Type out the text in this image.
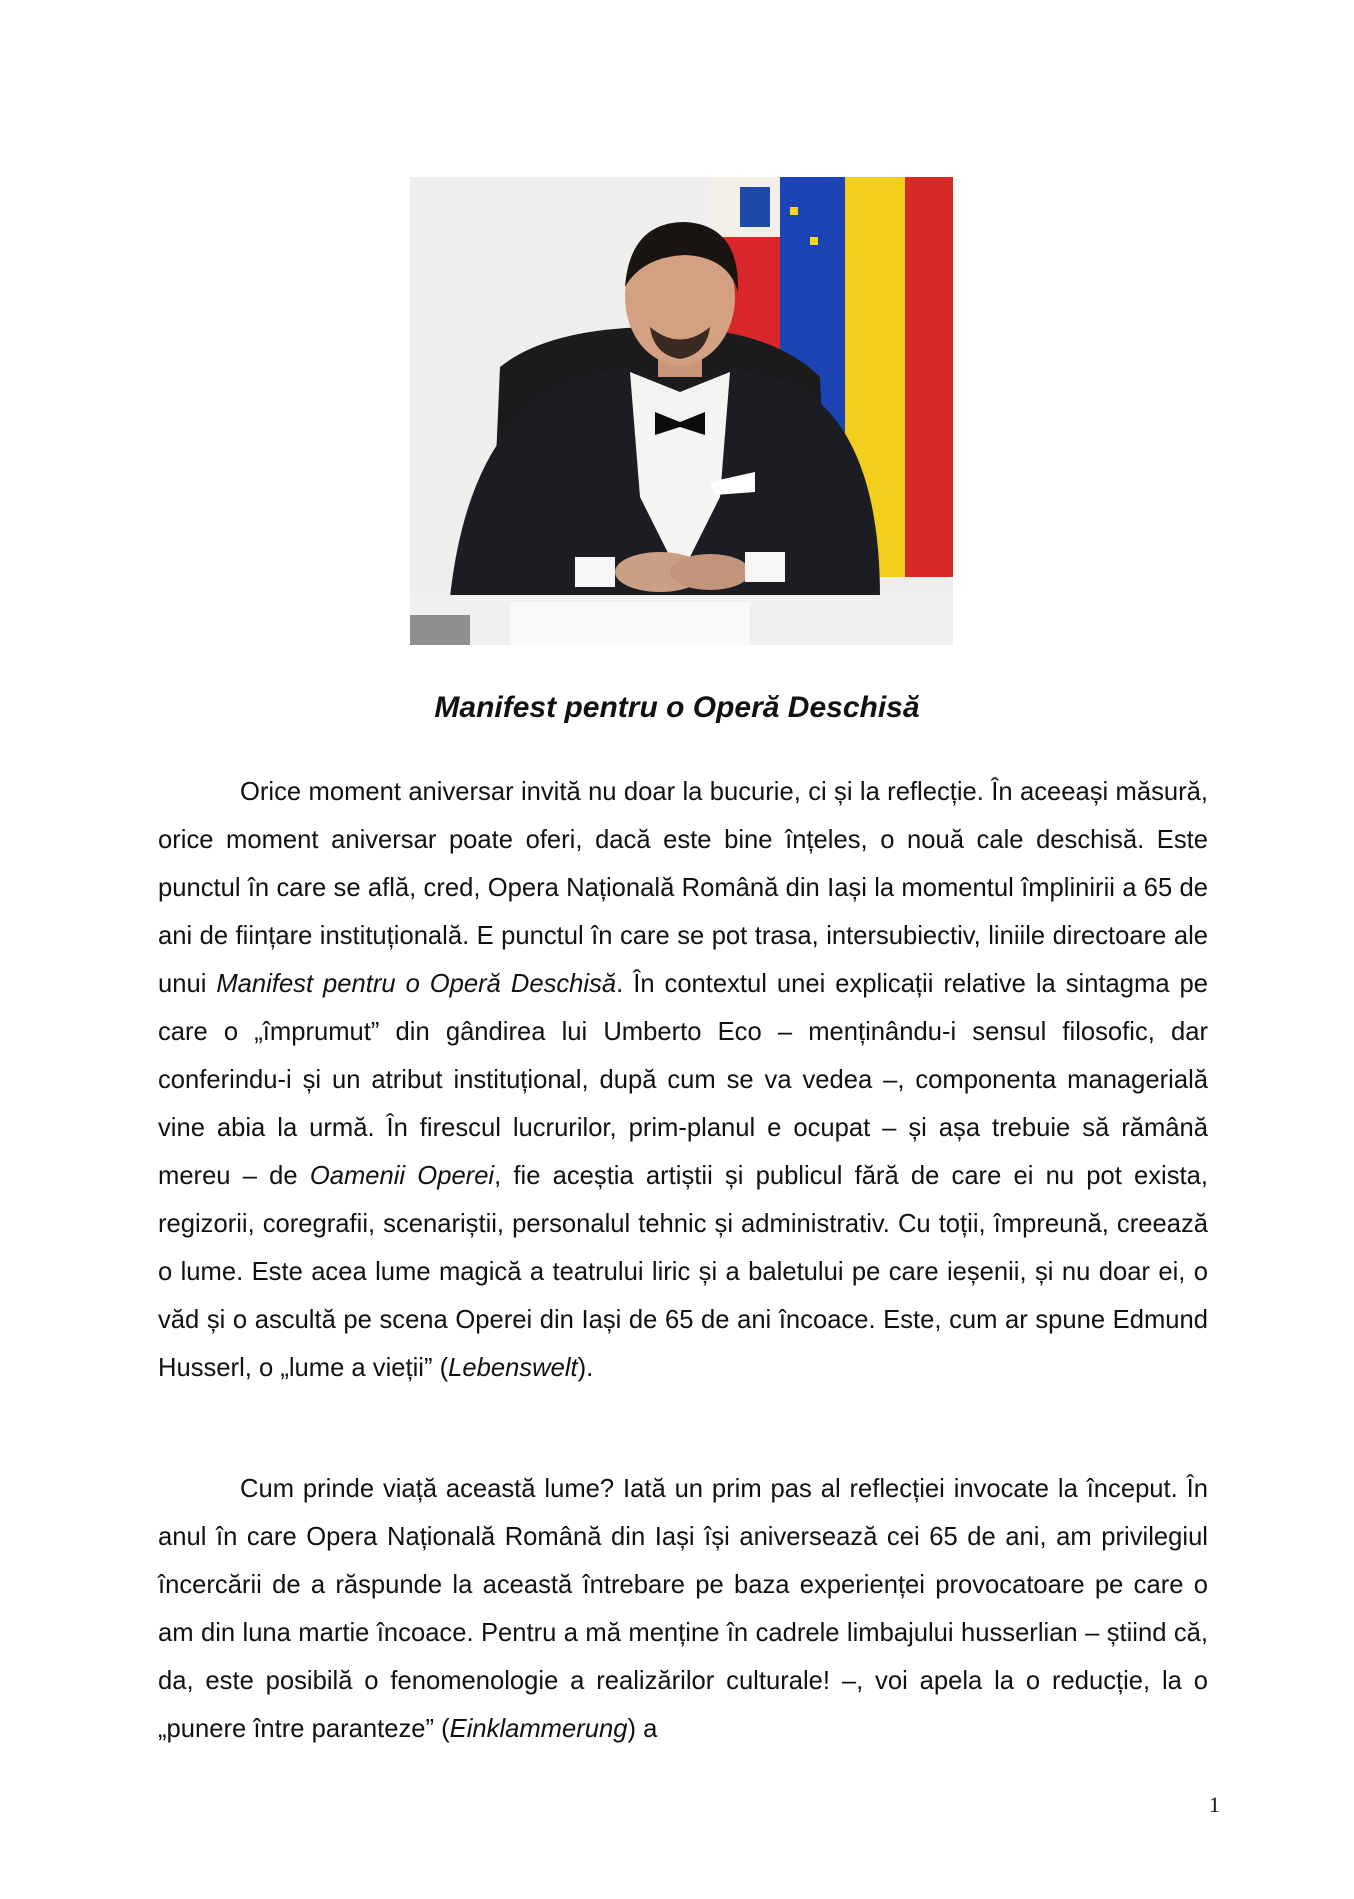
Manifest pentru o Operă Deschisă

Orice moment aniversar invită nu doar la bucurie, ci și la reflecție. În aceeași măsură, orice moment aniversar poate oferi, dacă este bine înțeles, o nouă cale deschisă. Este punctul în care se află, cred, Opera Națională Română din Iași la momentul împlinirii a 65 de ani de ființare instituțională. E punctul în care se pot trasa, intersubiectiv, liniile directoare ale unui Manifest pentru o Operă Deschisă. În contextul unei explicații relative la sintagma pe care o „împrumut” din gândirea lui Umberto Eco – menținându-i sensul filosofic, dar conferindu-i și un atribut instituțional, după cum se va vedea –, componenta managerială vine abia la urmă. În firescul lucrurilor, prim-planul e ocupat – și așa trebuie să rămână mereu – de Oamenii Operei, fie aceștia artiștii și publicul fără de care ei nu pot exista, regizorii, coregrafii, scenariștii, personalul tehnic și administrativ. Cu toții, împreună, creează o lume. Este acea lume magică a teatrului liric și a baletului pe care ieșenii, și nu doar ei, o văd și o ascultă pe scena Operei din Iași de 65 de ani încoace. Este, cum ar spune Edmund Husserl, o „lume a vieții” (Lebenswelt).

Cum prinde viață această lume? Iată un prim pas al reflecției invocate la început. În anul în care Opera Națională Română din Iași își aniversează cei 65 de ani, am privilegiul încercării de a răspunde la această întrebare pe baza experienței provocatoare pe care o am din luna martie încoace. Pentru a mă menține în cadrele limbajului husserlian – știind că, da, este posibilă o fenomenologie a realizărilor culturale! –, voi apela la o reducție, la o „punere între paranteze” (Einklammerung) a

1
